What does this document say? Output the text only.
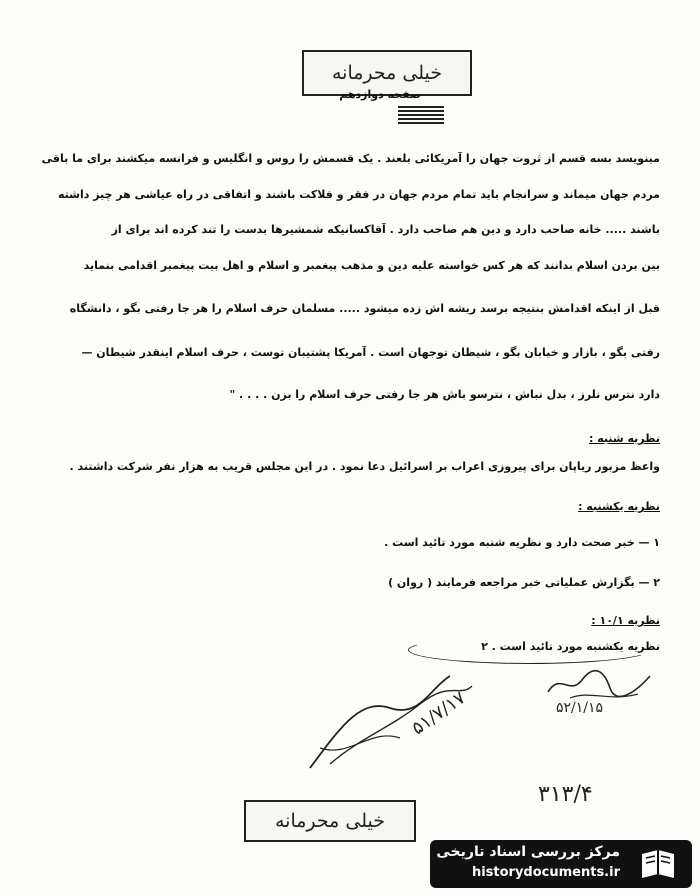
خیلی محرمانه
صفحه دوازدهم
مینویسد بسه قسم از ثروت جهان را آمریکائی بلعند . یک قسمش را روس و انگلیس و فرانسه میکشند برای ما باقی
مردم جهان میماند و سرانجام باید تمام مردم جهان در فقر و فلاکت باشند و اتفاقی در راه عیاشی هر چیز داشته
باشند ..... خانه صاحب دارد و دین هم صاحب دارد . آقاکسانیکه شمشیرها بدست را تند کرده اند برای از
بین بردن اسلام بدانند که هر کس خواسته علیه دین و مذهب پیغمبر و اسلام و اهل بیت پیغمبر اقدامی بنماید
قبل از اینکه اقدامش بنتیجه برسد ریشه اش زده میشود ..... مسلمان حرف اسلام را هر جا رفتی بگو ، دانشگاه
رفتی بگو ، بازار و خیابان بگو ، شیطان توجهان است . آمریکا پشتیبان توست ، حرف اسلام اینقدر شیطان —
دارد نترس نلرز ، بدل نباش ، نترسو باش هر جا رفتی حرف اسلام را بزن . . . . "
نظریه شنبه :
واعظ مزبور ریاپان برای پیروزی اعراب بر اسرائیل دعا نمود . در این مجلس قریب به هزار نفر شرکت داشتند .
نظریه یکشنبه :
۱ — خبر صحت دارد و نظریه شنبه مورد تائید است .
۲ — بگزارش عملیاتی خبر مراجعه فرمایند ( روان )
نظریه ۱۰/۱ :
نظریه یکشنبه مورد تائید است . ۲
۵۲/۱/۱۵
۵۱/۷/۱۷
۳۱۳/۴
خیلی محرمانه
مرکز بررسی اسناد تاریخی
historydocuments.ir
